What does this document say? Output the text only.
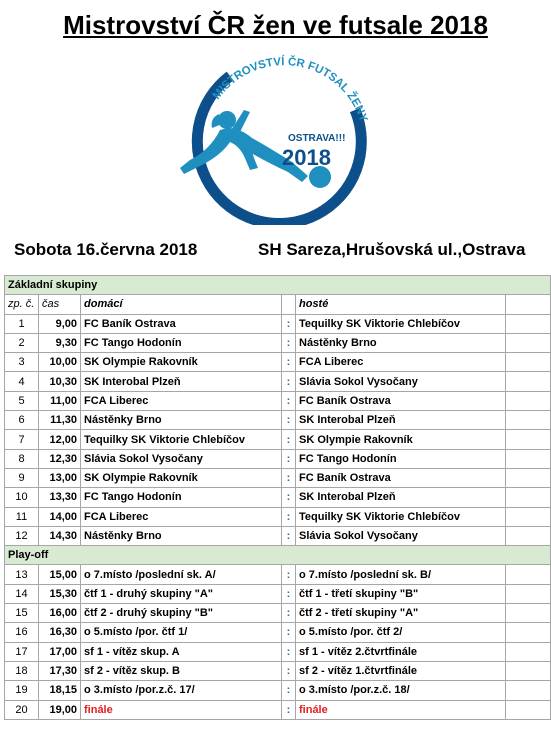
Mistrovství ČR žen ve futsale 2018
MISTROVSTVÍ ČR FUTSAL ŽENY
OSTRAVA!!!
2018
Sobota 16.června 2018	SH Sareza,Hrušovská ul.,Ostrava
Základní skupiny					
zp. č.	čas	domácí		hosté	
1	9,00	FC Baník Ostrava	:	Tequilky SK Viktorie Chlebíčov	
2	9,30	FC Tango Hodonín	:	Nástěnky Brno	
3	10,00	SK Olympie Rakovník	:	FCA Liberec	
4	10,30	SK Interobal Plzeň	:	Slávia Sokol Vysočany	
5	11,00	FCA Liberec	:	FC Baník Ostrava	
6	11,30	Nástěnky Brno	:	SK Interobal Plzeň	
7	12,00	Tequilky SK Viktorie Chlebíčov	:	SK Olympie Rakovník	
8	12,30	Slávia Sokol Vysočany	:	FC Tango Hodonín	
9	13,00	SK Olympie Rakovník	:	FC Baník Ostrava	
10	13,30	FC Tango Hodonín	:	SK Interobal Plzeň	
11	14,00	FCA Liberec	:	Tequilky SK Viktorie Chlebíčov	
12	14,30	Nástěnky Brno	:	Slávia Sokol Vysočany	
Play-off					
13	15,00	o 7.místo /poslední sk. A/	:	o 7.místo /poslední sk. B/	
14	15,30	čtf 1 - druhý skupiny "A"	:	čtf 1 - třetí skupiny "B"	
15	16,00	čtf 2 - druhý skupiny "B"	:	čtf 2 - třetí skupiny "A"	
16	16,30	o 5.místo /por. čtf 1/	:	o 5.místo /por. čtf 2/	
17	17,00	sf 1 - vítěz skup. A	:	sf 1 - vítěz 2.čtvrtfinále	
18	17,30	sf 2 - vítěz skup. B	:	sf 2 - vítěz 1.čtvrtfinále	
19	18,15	o 3.místo /por.z.č. 17/	:	o 3.místo /por.z.č. 18/	
20	19,00	finále	:	finále	
